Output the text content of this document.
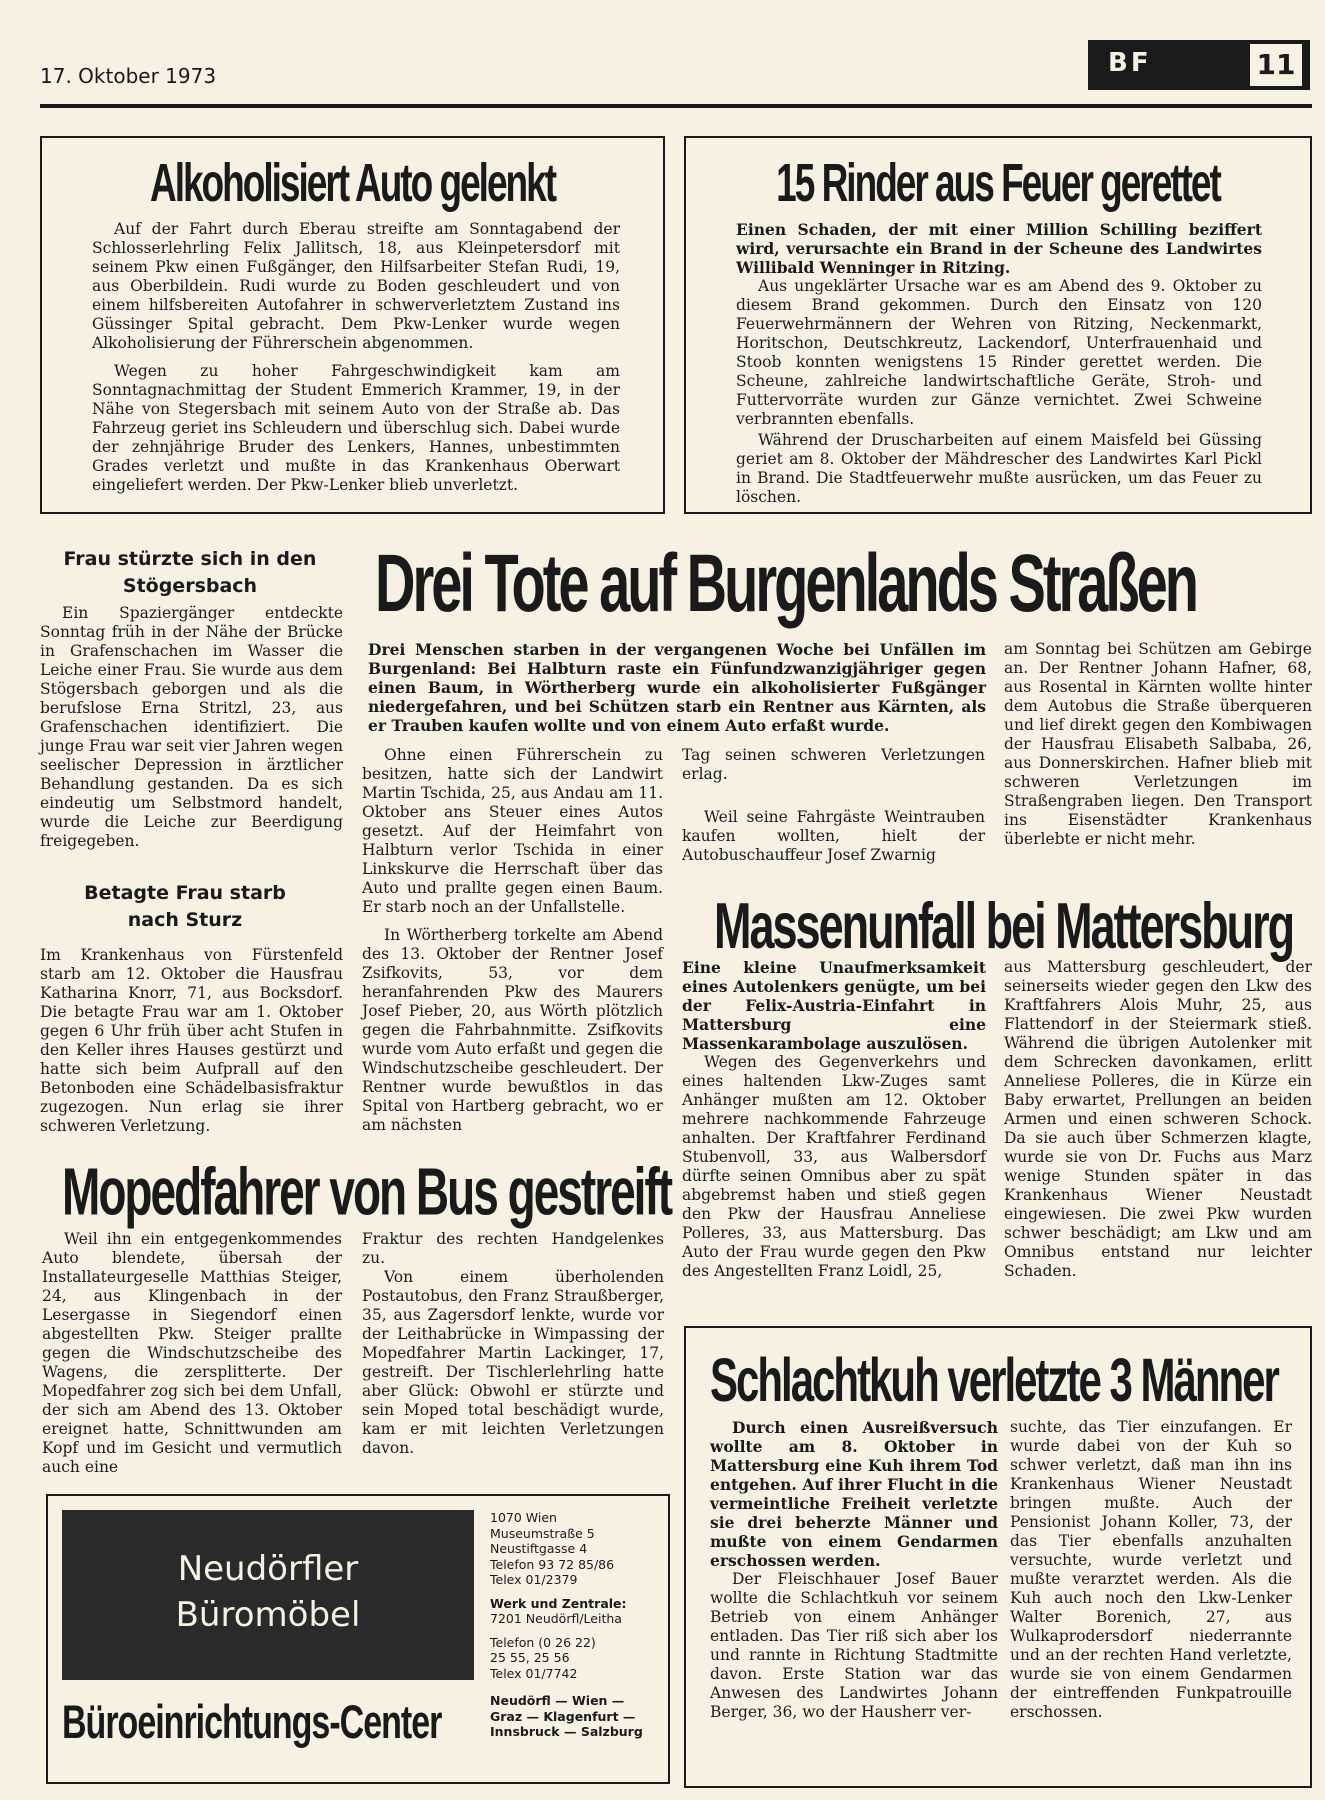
17. Oktober 1973	BF	11
Alkoholisiert Auto gelenkt

Auf der Fahrt durch Eberau streifte am Sonntagabend der Schlosserlehrling Felix Jallitsch, 18, aus Kleinpetersdorf mit seinem Pkw einen Fußgänger, den Hilfsarbeiter Stefan Rudi, 19, aus Oberbildein. Rudi wurde zu Boden geschleudert und von einem hilfsbereiten Autofahrer in schwerverletztem Zustand ins Güssinger Spital gebracht. Dem Pkw-Lenker wurde wegen Alkoholisierung der Führerschein abgenommen.

Wegen zu hoher Fahrgeschwindigkeit kam am Sonntagnachmittag der Student Emmerich Krammer, 19, in der Nähe von Stegersbach mit seinem Auto von der Straße ab. Das Fahrzeug geriet ins Schleudern und überschlug sich. Dabei wurde der zehnjährige Bruder des Lenkers, Hannes, unbestimmten Grades verletzt und mußte in das Krankenhaus Oberwart eingeliefert werden. Der Pkw-Lenker blieb unverletzt.

15 Rinder aus Feuer gerettet

Einen Schaden, der mit einer Million Schilling beziffert wird, verursachte ein Brand in der Scheune des Landwirtes Willibald Wenninger in Ritzing.

Aus ungeklärter Ursache war es am Abend des 9. Oktober zu diesem Brand gekommen. Durch den Einsatz von 120 Feuerwehrmännern der Wehren von Ritzing, Neckenmarkt, Horitschon, Deutschkreutz, Lackendorf, Unterfrauenhaid und Stoob konnten wenigstens 15 Rinder gerettet werden. Die Scheune, zahlreiche landwirtschaftliche Geräte, Stroh- und Futtervorräte wurden zur Gänze vernichtet. Zwei Schweine verbrannten ebenfalls.

Während der Druscharbeiten auf einem Maisfeld bei Güssing geriet am 8. Oktober der Mähdrescher des Landwirtes Karl Pickl in Brand. Die Stadtfeuerwehr mußte ausrücken, um das Feuer zu löschen.

Frau stürzte sich in den Stögersbach

Ein Spaziergänger entdeckte Sonntag früh in der Nähe der Brücke in Grafenschachen im Wasser die Leiche einer Frau. Sie wurde aus dem Stögersbach geborgen und als die berufslose Erna Stritzl, 23, aus Grafenschachen identifiziert. Die junge Frau war seit vier Jahren wegen seelischer Depression in ärztlicher Behandlung gestanden. Da es sich eindeutig um Selbstmord handelt, wurde die Leiche zur Beerdigung freigegeben.

Betagte Frau starb nach Sturz

Im Krankenhaus von Fürstenfeld starb am 12. Oktober die Hausfrau Katharina Knorr, 71, aus Bocksdorf. Die betagte Frau war am 1. Oktober gegen 6 Uhr früh über acht Stufen in den Keller ihres Hauses gestürzt und hatte sich beim Aufprall auf den Betonboden eine Schädelbasisfraktur zugezogen. Nun erlag sie ihrer schweren Verletzung.

Drei Tote auf Burgenlands Straßen

Drei Menschen starben in der vergangenen Woche bei Unfällen im Burgenland: Bei Halbturn raste ein Fünfundzwanzigjähriger gegen einen Baum, in Wörtherberg wurde ein alkoholisierter Fußgänger niedergefahren, und bei Schützen starb ein Rentner aus Kärnten, als er Trauben kaufen wollte und von einem Auto erfaßt wurde.

Ohne einen Führerschein zu besitzen, hatte sich der Landwirt Martin Tschida, 25, aus Andau am 11. Oktober ans Steuer eines Autos gesetzt. Auf der Heimfahrt von Halbturn verlor Tschida in einer Linkskurve die Herrschaft über das Auto und prallte gegen einen Baum. Er starb noch an der Unfallstelle.

In Wörtherberg torkelte am Abend des 13. Oktober der Rentner Josef Zsifkovits, 53, vor dem heranfahrenden Pkw des Maurers Josef Pieber, 20, aus Wörth plötzlich gegen die Fahrbahnmitte. Zsifkovits wurde vom Auto erfaßt und gegen die Windschutzscheibe geschleudert. Der Rentner wurde bewußtlos in das Spital von Hartberg gebracht, wo er am nächsten

Tag seinen schweren Verletzungen erlag.

Weil seine Fahrgäste Weintrauben kaufen wollten, hielt der Autobuschauffeur Josef Zwarnig

am Sonntag bei Schützen am Gebirge an. Der Rentner Johann Hafner, 68, aus Rosental in Kärnten wollte hinter dem Autobus die Straße überqueren und lief direkt gegen den Kombiwagen der Hausfrau Elisabeth Salbaba, 26, aus Donnerskirchen. Hafner blieb mit schweren Verletzungen im Straßengraben liegen. Den Transport ins Eisenstädter Krankenhaus überlebte er nicht mehr.

Massenunfall bei Mattersburg

Eine kleine Unaufmerksamkeit eines Autolenkers genügte, um bei der Felix-Austria-Einfahrt in Mattersburg eine Massenkarambolage auszulösen.

Wegen des Gegenverkehrs und eines haltenden Lkw-Zuges samt Anhänger mußten am 12. Oktober mehrere nachkommende Fahrzeuge anhalten. Der Kraftfahrer Ferdinand Stubenvoll, 33, aus Walbersdorf dürfte seinen Omnibus aber zu spät abgebremst haben und stieß gegen den Pkw der Hausfrau Anneliese Polleres, 33, aus Mattersburg. Das Auto der Frau wurde gegen den Pkw des Angestellten Franz Loidl, 25,

aus Mattersburg geschleudert, der seinerseits wieder gegen den Lkw des Kraftfahrers Alois Muhr, 25, aus Flattendorf in der Steiermark stieß. Während die übrigen Autolenker mit dem Schrecken davonkamen, erlitt Anneliese Polleres, die in Kürze ein Baby erwartet, Prellungen an beiden Armen und einen schweren Schock. Da sie auch über Schmerzen klagte, wurde sie von Dr. Fuchs aus Marz wenige Stunden später in das Krankenhaus Wiener Neustadt eingewiesen. Die zwei Pkw wurden schwer beschädigt; am Lkw und am Omnibus entstand nur leichter Schaden.

Mopedfahrer von Bus gestreift

Weil ihn ein entgegenkommendes Auto blendete, übersah der Installateurgeselle Matthias Steiger, 24, aus Klingenbach in der Lesergasse in Siegendorf einen abgestellten Pkw. Steiger prallte gegen die Windschutzscheibe des Wagens, die zersplitterte. Der Mopedfahrer zog sich bei dem Unfall, der sich am Abend des 13. Oktober ereignet hatte, Schnittwunden am Kopf und im Gesicht und vermutlich auch eine

Fraktur des rechten Handgelenkes zu.

Von einem überholenden Postautobus, den Franz Straußberger, 35, aus Zagersdorf lenkte, wurde vor der Leithabrücke in Wimpassing der Mopedfahrer Martin Lackinger, 17, gestreift. Der Tischlerlehrling hatte aber Glück: Obwohl er stürzte und sein Moped total beschädigt wurde, kam er mit leichten Verletzungen davon.

Schlachtkuh verletzte 3 Männer

Durch einen Ausreißversuch wollte am 8. Oktober in Mattersburg eine Kuh ihrem Tod entgehen. Auf ihrer Flucht in die vermeintliche Freiheit verletzte sie drei beherzte Männer und mußte von einem Gendarmen erschossen werden.

Der Fleischhauer Josef Bauer wollte die Schlachtkuh vor seinem Betrieb von einem Anhänger entladen. Das Tier riß sich aber los und rannte in Richtung Stadtmitte davon. Erste Station war das Anwesen des Landwirtes Johann Berger, 36, wo der Hausherr ver-

suchte, das Tier einzufangen. Er wurde dabei von der Kuh so schwer verletzt, daß man ihn ins Krankenhaus Wiener Neustadt bringen mußte. Auch der Pensionist Johann Koller, 73, der das Tier ebenfalls anzuhalten versuchte, wurde verletzt und mußte verarztet werden. Als die Kuh auch noch den Lkw-Lenker Walter Borenich, 27, aus Wulkaprodersdorf niederrannte und an der rechten Hand verletzte, wurde sie von einem Gendarmen der eintreffenden Funkpatrouille erschossen.

Neudörfler
Büromöbel
Büroeinrichtungs-Center
1070 Wien
Museumstraße 5
Neustiftgasse 4
Telefon 93 72 85/86
Telex 01/2379
Werk und Zentrale:
7201 Neudörfl/Leitha
Telefon (0 26 22)
25 55, 25 56
Telex 01/7742
Neudörfl — Wien —
Graz — Klagenfurt —
Innsbruck — Salzburg
